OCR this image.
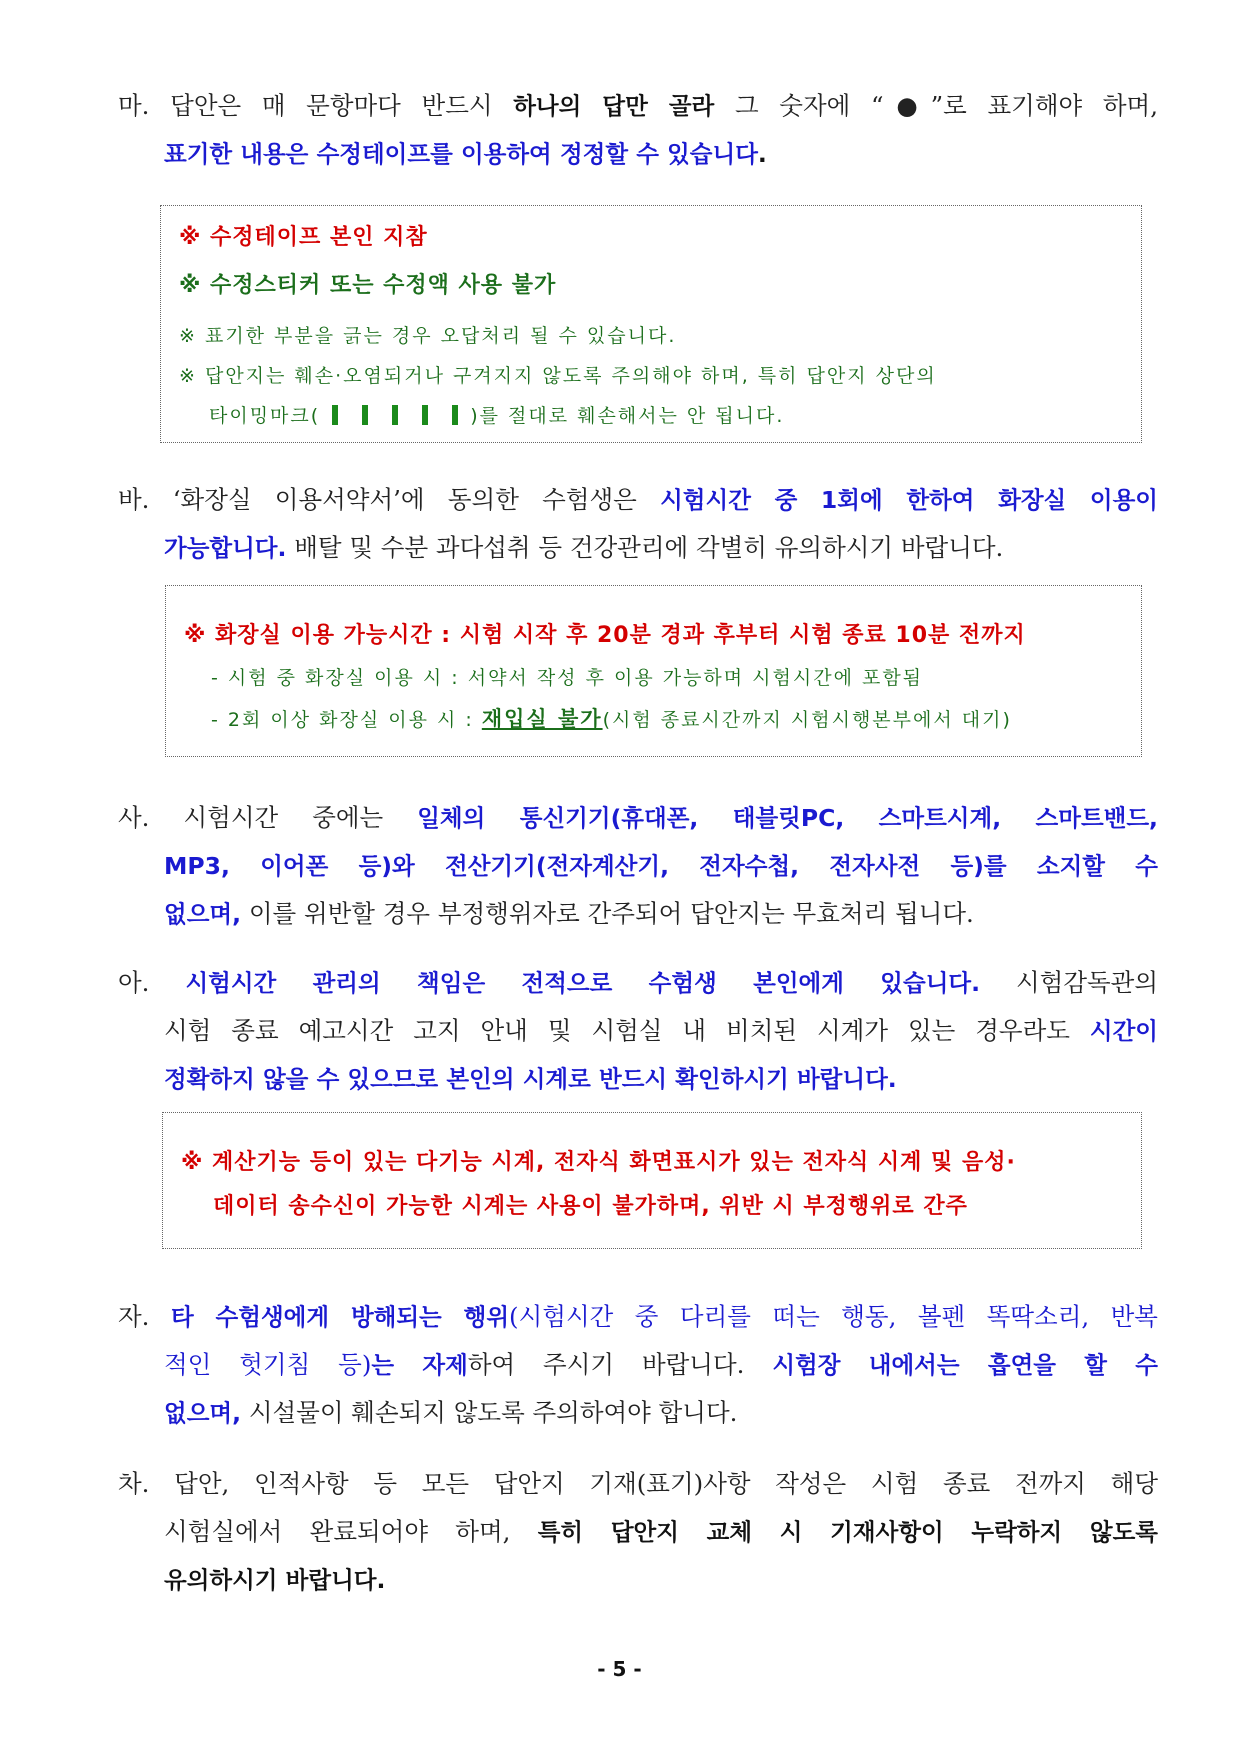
마. 답안은 매 문항마다 반드시 하나의 답만 골라 그 숫자에 “●”로 표기해야 하며,

표기한 내용은 수정테이프를 이용하여 정정할 수 있습니다.

※ 수정테이프 본인 지참
※ 수정스티커 또는 수정액 사용 불가
※ 표기한 부분을 긁는 경우 오답처리 될 수 있습니다.
※ 답안지는 훼손·오염되거나 구겨지지 않도록 주의해야 하며, 특히 답안지 상단의
타이밍마크(	)를 절대로 훼손해서는 안 됩니다.

바. ‘화장실 이용서약서’에 동의한 수험생은 시험시간 중 1회에 한하여 화장실 이용이

가능합니다. 배탈 및 수분 과다섭취 등 건강관리에 각별히 유의하시기 바랍니다.

※ 화장실 이용 가능시간 : 시험 시작 후 20분 경과 후부터 시험 종료 10분 전까지
- 시험 중 화장실 이용 시 : 서약서 작성 후 이용 가능하며 시험시간에 포함됨
- 2회 이상 화장실 이용 시 : 재입실 불가(시험 종료시간까지 시험시행본부에서 대기)

사. 시험시간 중에는 일체의 통신기기(휴대폰, 태블릿PC, 스마트시계, 스마트밴드,

MP3, 이어폰 등)와 전산기기(전자계산기, 전자수첩, 전자사전 등)를 소지할 수

없으며, 이를 위반할 경우 부정행위자로 간주되어 답안지는 무효처리 됩니다.

아. 시험시간 관리의 책임은 전적으로 수험생 본인에게 있습니다. 시험감독관의

시험 종료 예고시간 고지 안내 및 시험실 내 비치된 시계가 있는 경우라도 시간이

정확하지 않을 수 있으므로 본인의 시계로 반드시 확인하시기 바랍니다.

※ 계산기능 등이 있는 다기능 시계, 전자식 화면표시가 있는 전자식 시계 및 음성·
데이터 송수신이 가능한 시계는 사용이 불가하며, 위반 시 부정행위로 간주

자. 타 수험생에게 방해되는 행위(시험시간 중 다리를 떠는 행동, 볼펜 똑딱소리, 반복

적인 헛기침 등)는 자제하여 주시기 바랍니다. 시험장 내에서는 흡연을 할 수

없으며, 시설물이 훼손되지 않도록 주의하여야 합니다.

차. 답안, 인적사항 등 모든 답안지 기재(표기)사항 작성은 시험 종료 전까지 해당

시험실에서 완료되어야 하며, 특히 답안지 교체 시 기재사항이 누락하지 않도록

유의하시기 바랍니다.

- 5 -
